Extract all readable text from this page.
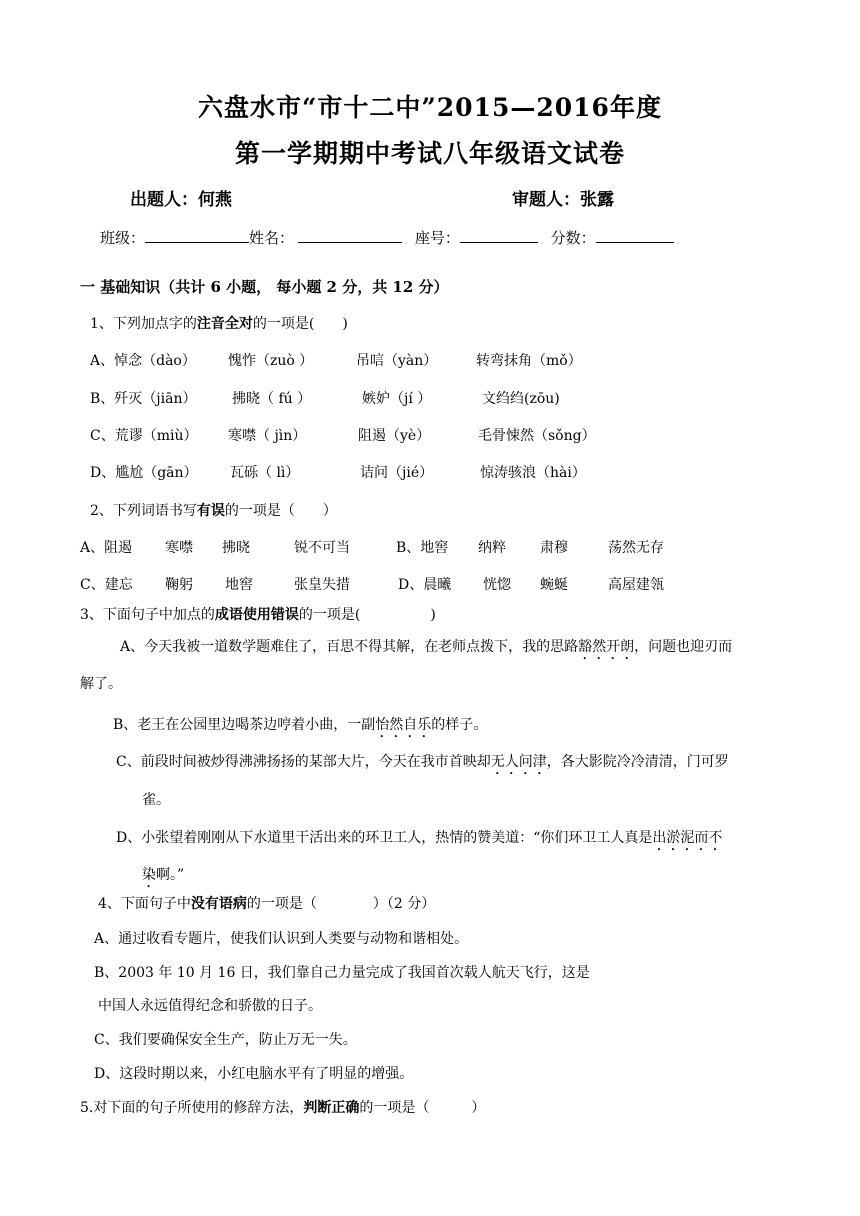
六盘水市“市十二中”2015—2016年度
第一学期期中考试八年级语文试卷
出题人：何燕	审题人：张露
班级：	姓名：	座号：	分数：
一 基础知识（共计 6 小题， 每小题 2 分，共 12 分）
1、下列加点字的注音全对的一项是(　　)
A、悼念（dào） 愧怍（zuò ）	吊唁（yàn）	转弯抹角（mǒ）
B、歼灭（jiān）	拂晓（ fú ）	嫉妒（jí ）	文绉绉(zōu)
C、荒谬（miù） 寒噤（ jìn）	阻遏（yè）	毛骨悚然（sǒng）
D、尴尬（gān） 瓦砾（ lì）	诘问（jié）	惊涛骇浪（hài）
2、下列词语书写有误的一项是（　　）
A、阻遏 寒噤 拂晓	锐不可当	B、地窖 纳粹 肃穆	荡然无存
C、建忘 鞠躬 地窖	张皇失措	D、晨曦 恍惚 蜿蜒	高屋建瓴
3、下面句子中加点的成语使用错误的一项是(　　　　　)
A、今天我被一道数学题难住了，百思不得其解，在老师点拨下，我的思路豁然开朗，问题也迎刃而
解了。
B、老王在公园里边喝茶边哼着小曲，一副怡然自乐的样子。
C、前段时间被炒得沸沸扬扬的某部大片，今天在我市首映却无人问津，各大影院冷冷清清，门可罗
雀。
D、小张望着刚刚从下水道里干活出来的环卫工人，热情的赞美道：“你们环卫工人真是出淤泥而不
染啊。”
4、下面句子中没有语病的一项是（　　　　）（2 分）
A、通过收看专题片，使我们认识到人类要与动物和谐相处。
B、2003 年 10 月 16 日，我们靠自己力量完成了我国首次载人航天飞行，这是
中国人永远值得纪念和骄傲的日子。
C、我们要确保安全生产，防止万无一失。
D、这段时期以来，小红电脑水平有了明显的增强。
5.对下面的句子所使用的修辞方法，判断正确的一项是（　　　）
